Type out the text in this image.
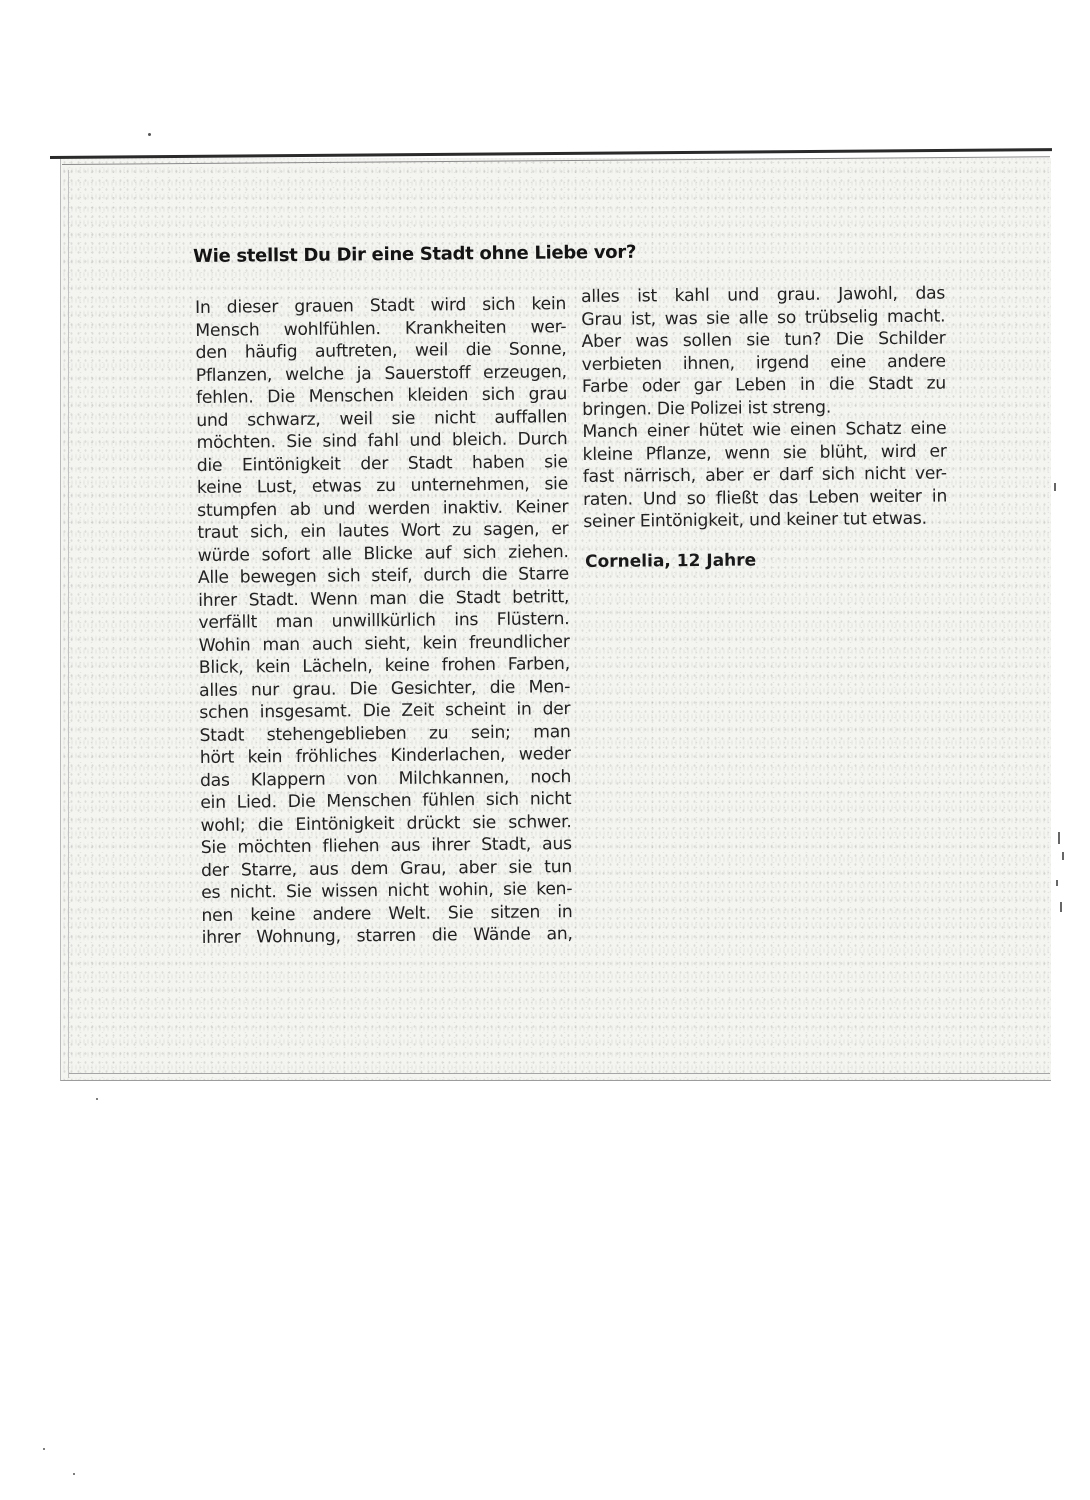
Wie stellst Du Dir eine Stadt ohne Liebe vor?
In dieser grauen Stadt wird sich kein
Mensch wohlfühlen. Krankheiten wer-
den häufig auftreten, weil die Sonne,
Pflanzen, welche ja Sauerstoff erzeugen,
fehlen. Die Menschen kleiden sich grau
und schwarz, weil sie nicht auffallen
möchten. Sie sind fahl und bleich. Durch
die Eintönigkeit der Stadt haben sie
keine Lust, etwas zu unternehmen, sie
stumpfen ab und werden inaktiv. Keiner
traut sich, ein lautes Wort zu sagen, er
würde sofort alle Blicke auf sich ziehen.
Alle bewegen sich steif, durch die Starre
ihrer Stadt. Wenn man die Stadt betritt,
verfällt man unwillkürlich ins Flüstern.
Wohin man auch sieht, kein freundlicher
Blick, kein Lächeln, keine frohen Farben,
alles nur grau. Die Gesichter, die Men-
schen insgesamt. Die Zeit scheint in der
Stadt stehengeblieben zu sein; man
hört kein fröhliches Kinderlachen, weder
das Klappern von Milchkannen, noch
ein Lied. Die Menschen fühlen sich nicht
wohl; die Eintönigkeit drückt sie schwer.
Sie möchten fliehen aus ihrer Stadt, aus
der Starre, aus dem Grau, aber sie tun
es nicht. Sie wissen nicht wohin, sie ken-
nen keine andere Welt. Sie sitzen in
ihrer Wohnung, starren die Wände an,
alles ist kahl und grau. Jawohl, das
Grau ist, was sie alle so trübselig macht.
Aber was sollen sie tun? Die Schilder
verbieten ihnen, irgend eine andere
Farbe oder gar Leben in die Stadt zu
bringen. Die Polizei ist streng.
Manch einer hütet wie einen Schatz eine
kleine Pflanze, wenn sie blüht, wird er
fast närrisch, aber er darf sich nicht ver-
raten. Und so fließt das Leben weiter in
seiner Eintönigkeit, und keiner tut etwas.

Cornelia, 12 Jahre
